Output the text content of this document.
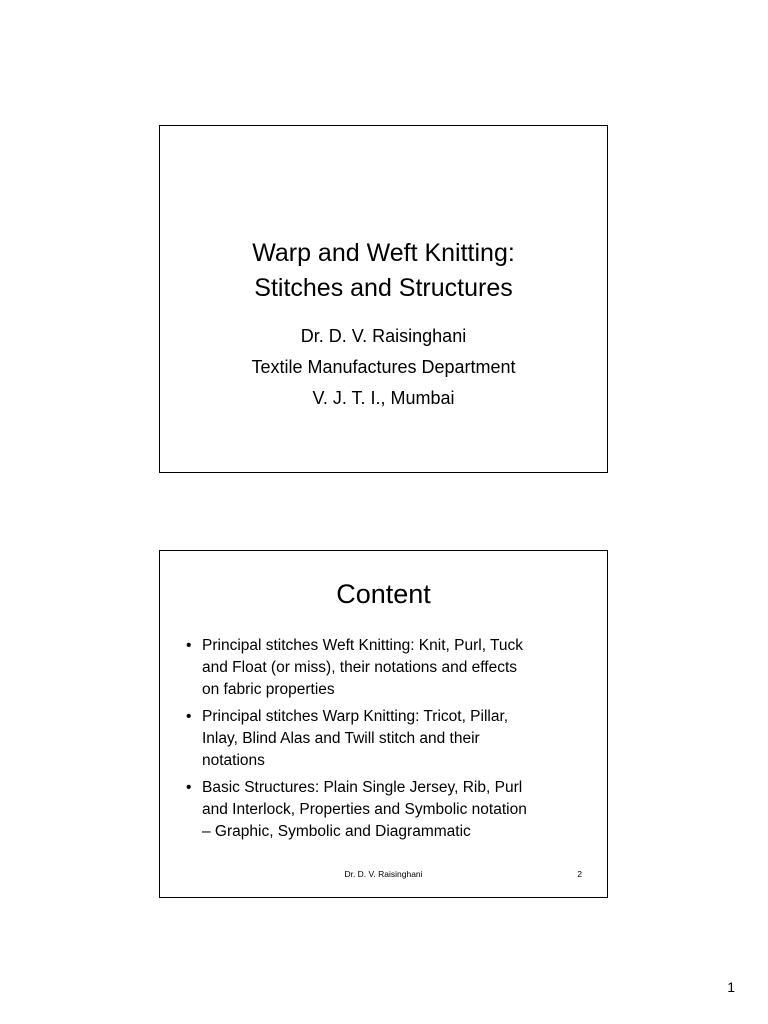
Warp and Weft Knitting:
Stitches and Structures
Dr. D. V. Raisinghani
Textile Manufactures Department
V. J. T. I., Mumbai
Content
• Principal stitches Weft Knitting: Knit, Purl, Tuck
and Float (or miss), their notations and effects
on fabric properties
• Principal stitches Warp Knitting: Tricot, Pillar,
Inlay, Blind Alas and Twill stitch and their
notations
• Basic Structures: Plain Single Jersey, Rib, Purl
and Interlock, Properties and Symbolic notation
– Graphic, Symbolic and Diagrammatic
Dr. D. V. Raisinghani	2
1
